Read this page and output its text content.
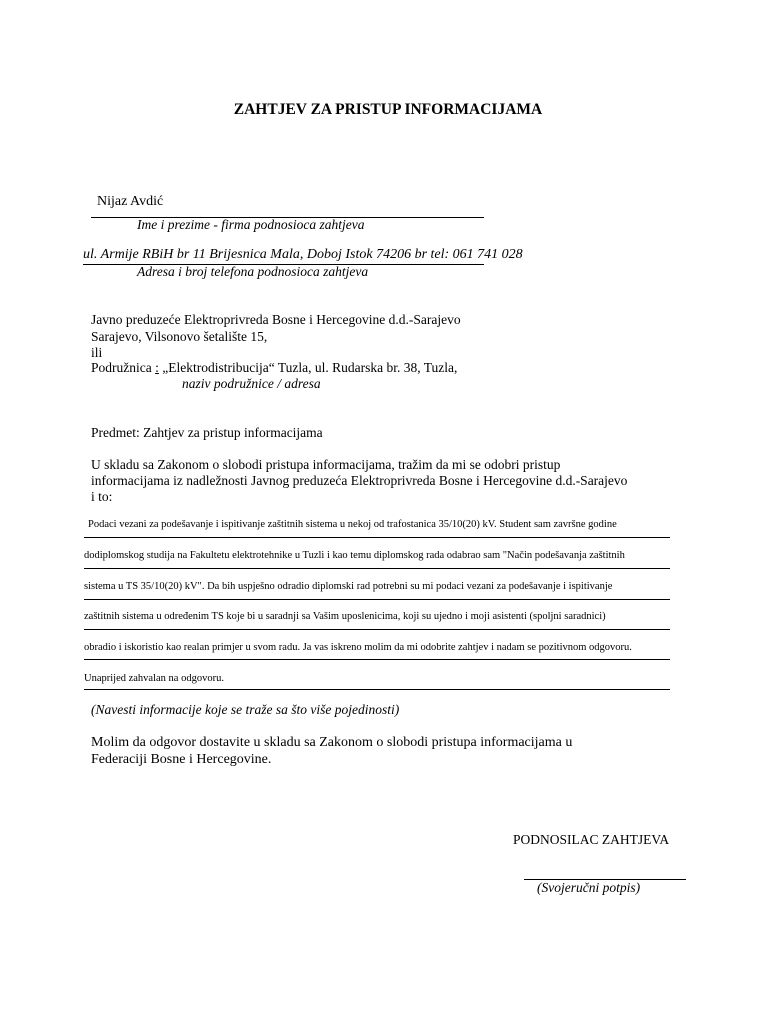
ZAHTJEV ZA PRISTUP INFORMACIJAMA
Nijaz Avdić
Ime i prezime - firma podnosioca zahtjeva
ul. Armije RBiH br 11 Brijesnica Mala, Doboj Istok 74206 br tel: 061 741 028
Adresa i broj telefona podnosioca zahtjeva
Javno preduzeće Elektroprivreda Bosne i Hercegovine d.d.-Sarajevo
Sarajevo, Vilsonovo šetalište 15,
ili
Podružnica : „Elektrodistribucija“ Tuzla, ul. Rudarska br. 38, Tuzla,
naziv podružnice / adresa
Predmet: Zahtjev za pristup informacijama
U skladu sa Zakonom o slobodi pristupa informacijama, tražim da mi se odobri pristup
informacijama iz nadležnosti Javnog preduzeća Elektroprivreda Bosne i Hercegovine d.d.-Sarajevo
i to:
Podaci vezani za podešavanje i ispitivanje zaštitnih sistema u nekoj od trafostanica 35/10(20) kV. Student sam završne godine
dodiplomskog studija na Fakultetu elektrotehnike u Tuzli i kao temu diplomskog rada odabrao sam "Način podešavanja zaštitnih
sistema u TS 35/10(20) kV". Da bih uspješno odradio diplomski rad potrebni su mi podaci vezani za podešavanje i ispitivanje
zaštitnih sistema u određenim TS koje bi u saradnji sa Vašim uposlenicima, koji su ujedno i moji asistenti (spoljni saradnici)
obradio i iskoristio kao realan primjer u svom radu. Ja vas iskreno molim da mi odobrite zahtjev i nadam se pozitivnom odgovoru.
Unaprijed zahvalan na odgovoru.
(Navesti informacije koje se traže sa što više pojedinosti)
Molim da odgovor dostavite u skladu sa Zakonom o slobodi pristupa informacijama u
Federaciji Bosne i Hercegovine.
PODNOSILAC ZAHTJEVA
(Svojeručni potpis)
